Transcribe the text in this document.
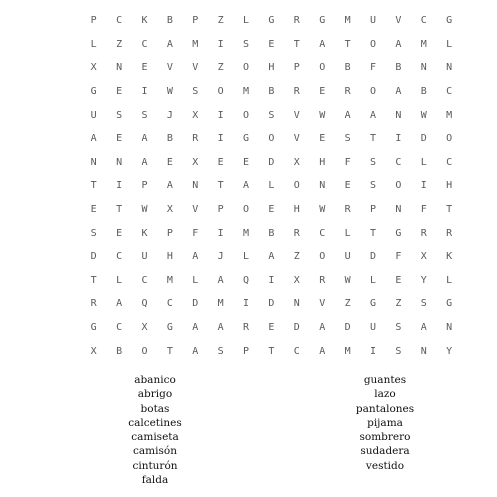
P	C	K	B	P	Z	L	G	R	G	M	U	V	C	G
L	Z	C	A	M	I	S	E	T	A	T	O	A	M	L
X	N	E	V	V	Z	O	H	P	O	B	F	B	N	N
G	E	I	W	S	O	M	B	R	E	R	O	A	B	C
U	S	S	J	X	I	O	S	V	W	A	A	N	W	M
A	E	A	B	R	I	G	O	V	E	S	T	I	D	O
N	N	A	E	X	E	E	D	X	H	F	S	C	L	C
T	I	P	A	N	T	A	L	O	N	E	S	O	I	H
E	T	W	X	V	P	O	E	H	W	R	P	N	F	T
S	E	K	P	F	I	M	B	R	C	L	T	G	R	R
D	C	U	H	A	J	L	A	Z	O	U	D	F	X	K
T	L	C	M	L	A	Q	I	X	R	W	L	E	Y	L
R	A	Q	C	D	M	I	D	N	V	Z	G	Z	S	G
G	C	X	G	A	A	R	E	D	A	D	U	S	A	N
X	B	O	T	A	S	P	T	C	A	M	I	S	N	Y
abanico
abrigo
botas
calcetines
camiseta
camisón
cinturón
falda
guantes
lazo
pantalones
pijama
sombrero
sudadera
vestido
